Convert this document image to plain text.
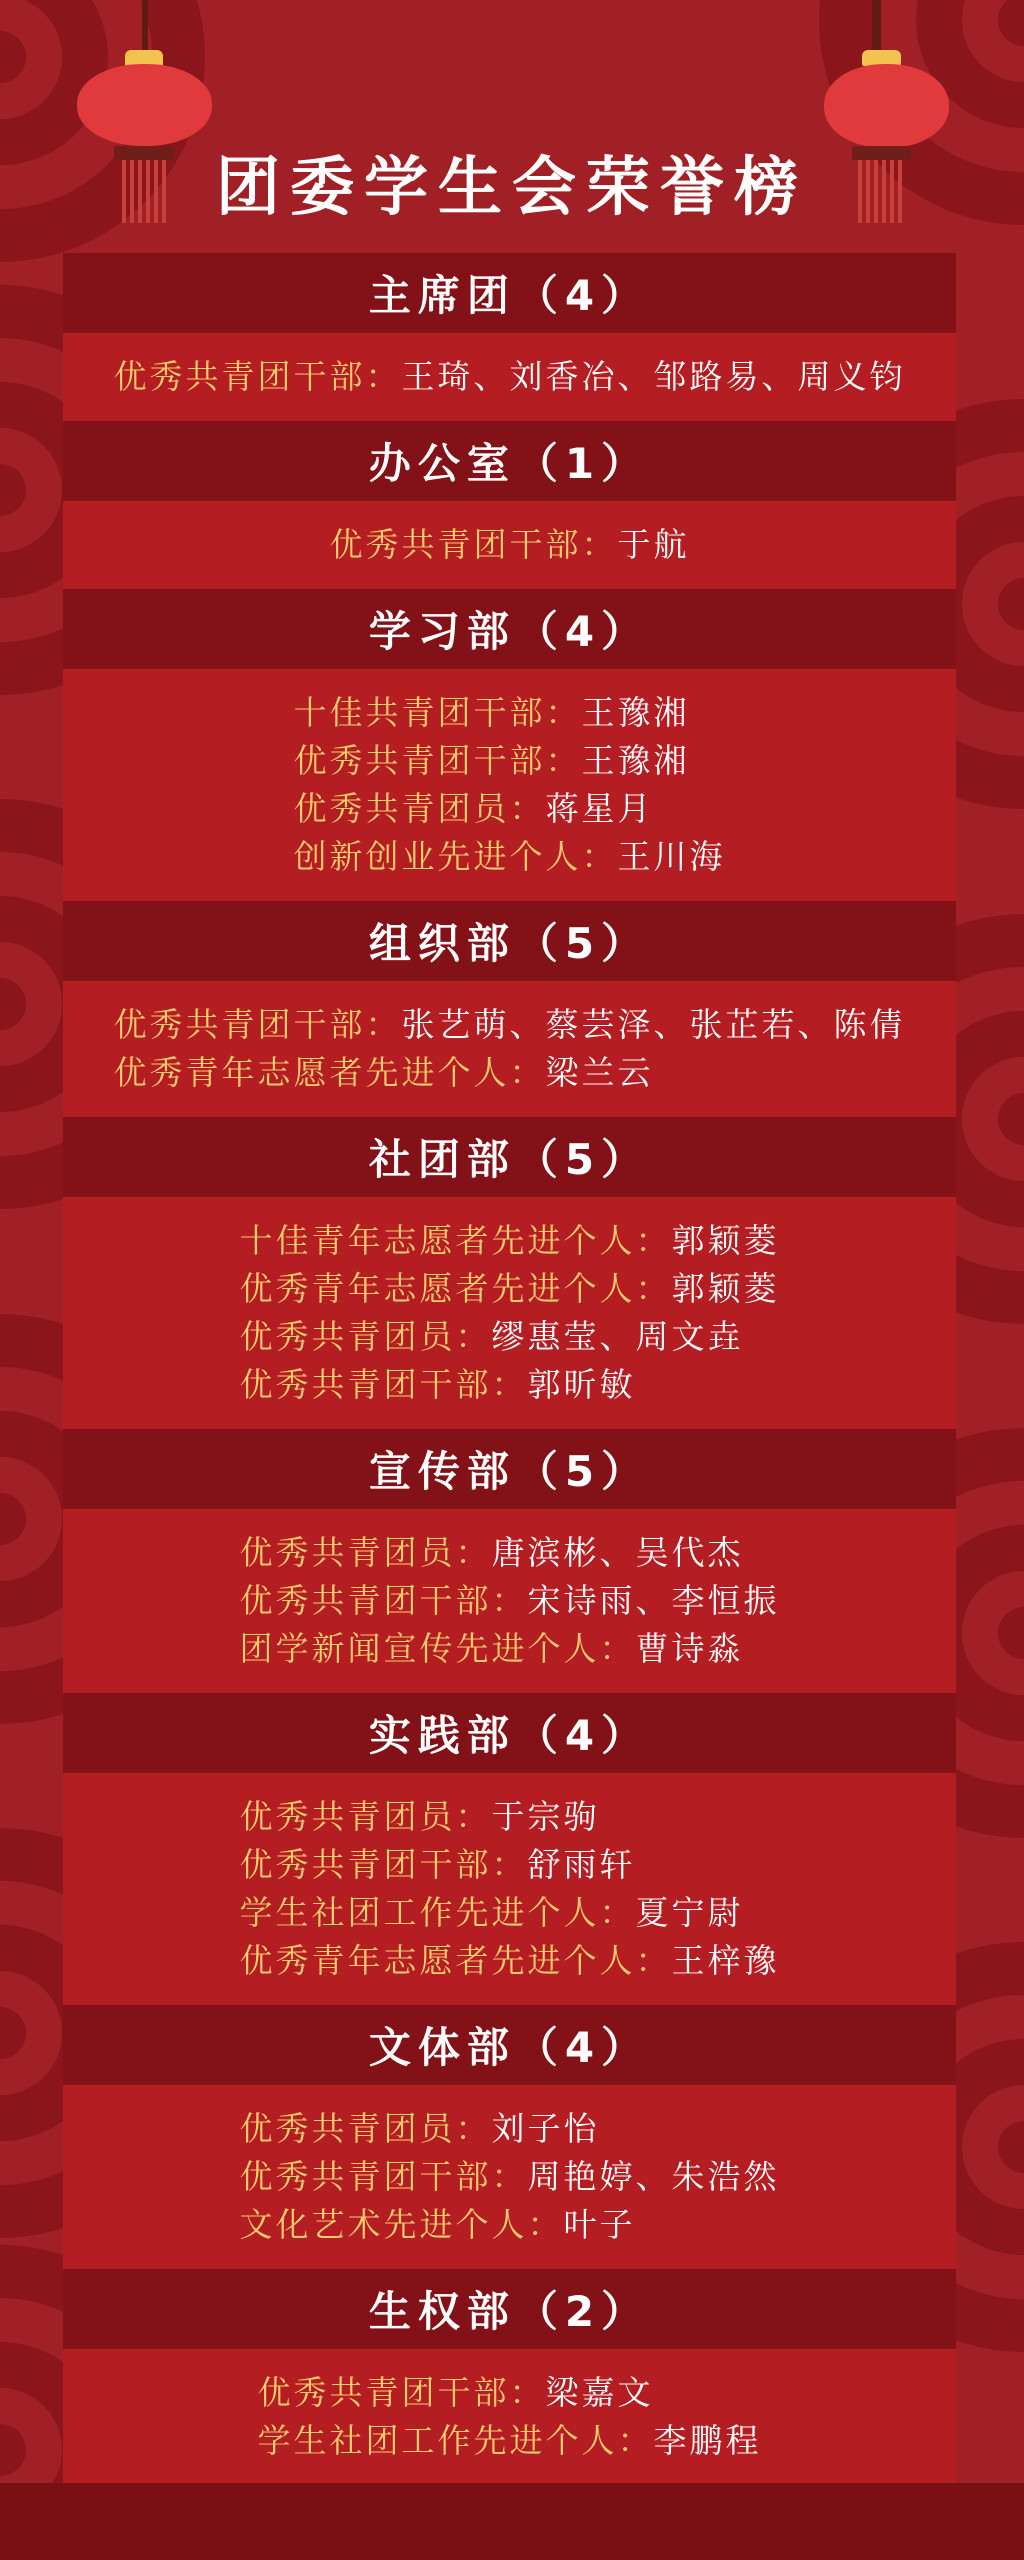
团委学生会荣誉榜
主席团（4）
优秀共青团干部：王琦、刘香冶、邹路易、周义钧
办公室（1）
优秀共青团干部：于航
学习部（4）
十佳共青团干部：王豫湘
优秀共青团干部：王豫湘
优秀共青团员：蒋星月
创新创业先进个人：王川海
组织部（5）
优秀共青团干部：张艺萌、蔡芸泽、张芷若、陈倩
优秀青年志愿者先进个人：梁兰云
社团部（5）
十佳青年志愿者先进个人：郭颖菱
优秀青年志愿者先进个人：郭颖菱
优秀共青团员：缪惠莹、周文垚
优秀共青团干部：郭昕敏
宣传部（5）
优秀共青团员：唐滨彬、吴代杰
优秀共青团干部：宋诗雨、李恒振
团学新闻宣传先进个人：曹诗淼
实践部（4）
优秀共青团员：于宗驹
优秀共青团干部：舒雨轩
学生社团工作先进个人：夏宁尉
优秀青年志愿者先进个人：王梓豫
文体部（4）
优秀共青团员：刘子怡
优秀共青团干部：周艳婷、朱浩然
文化艺术先进个人：叶子
生权部（2）
优秀共青团干部：梁嘉文
学生社团工作先进个人：李鹏程
